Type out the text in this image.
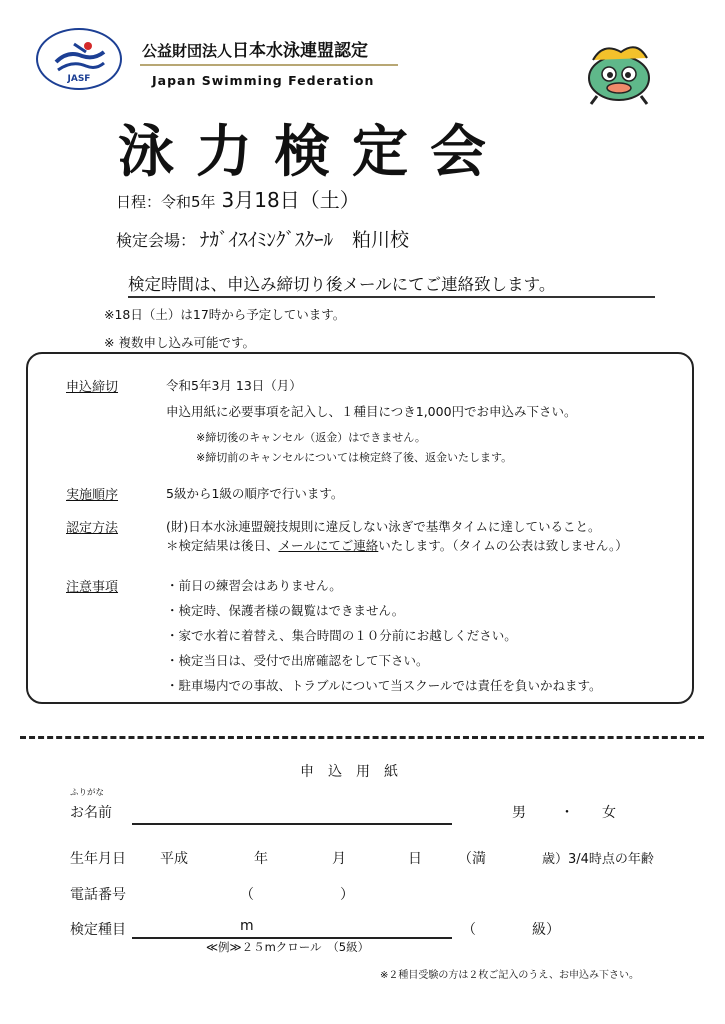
JASF
公益財団法人日本水泳連盟認定
Japan Swimming Federation
泳力検定会
日程：令和5年 3月18日（土）
検定会場： ﾅｶﾞｲｽｲﾐﾝｸﾞｽｸｰﾙ　粕川校
検定時間は、申込み締切り後メールにてご連絡致します。
※18日（土）は17時から予定しています。
※ 複数申し込み可能です。
申込締切	令和5年3月 13日（月）
申込用紙に必要事項を記入し、１種目につき1,000円でお申込み下さい。
※締切後のキャンセル（返金）はできません。
※締切前のキャンセルについては検定終了後、返金いたします。
実施順序	5級から1級の順序で行います。
認定方法	(財)日本水泳連盟競技規則に違反しない泳ぎで基準タイムに達していること。
＊検定結果は後日、メールにてご連絡いたします。（タイムの公表は致しません。）
注意事項	・前日の練習会はありません。
・検定時、保護者様の観覧はできません。
・家で水着に着替え、集合時間の１０分前にお越しください。
・検定当日は、受付で出席確認をして下さい。
・駐車場内での事故、トラブルについて当スクールでは責任を負いかねます。
申込用紙
ふりがな
お名前	男 ・ 女
生年月日 平成	年	月	日	（満	歳）3/4時点の年齢
電話番号	（	）
検定種目	m	（	級）
≪例≫２５mクロール　（5級）
※２種目受験の方は２枚ご記入のうえ、お申込み下さい。
